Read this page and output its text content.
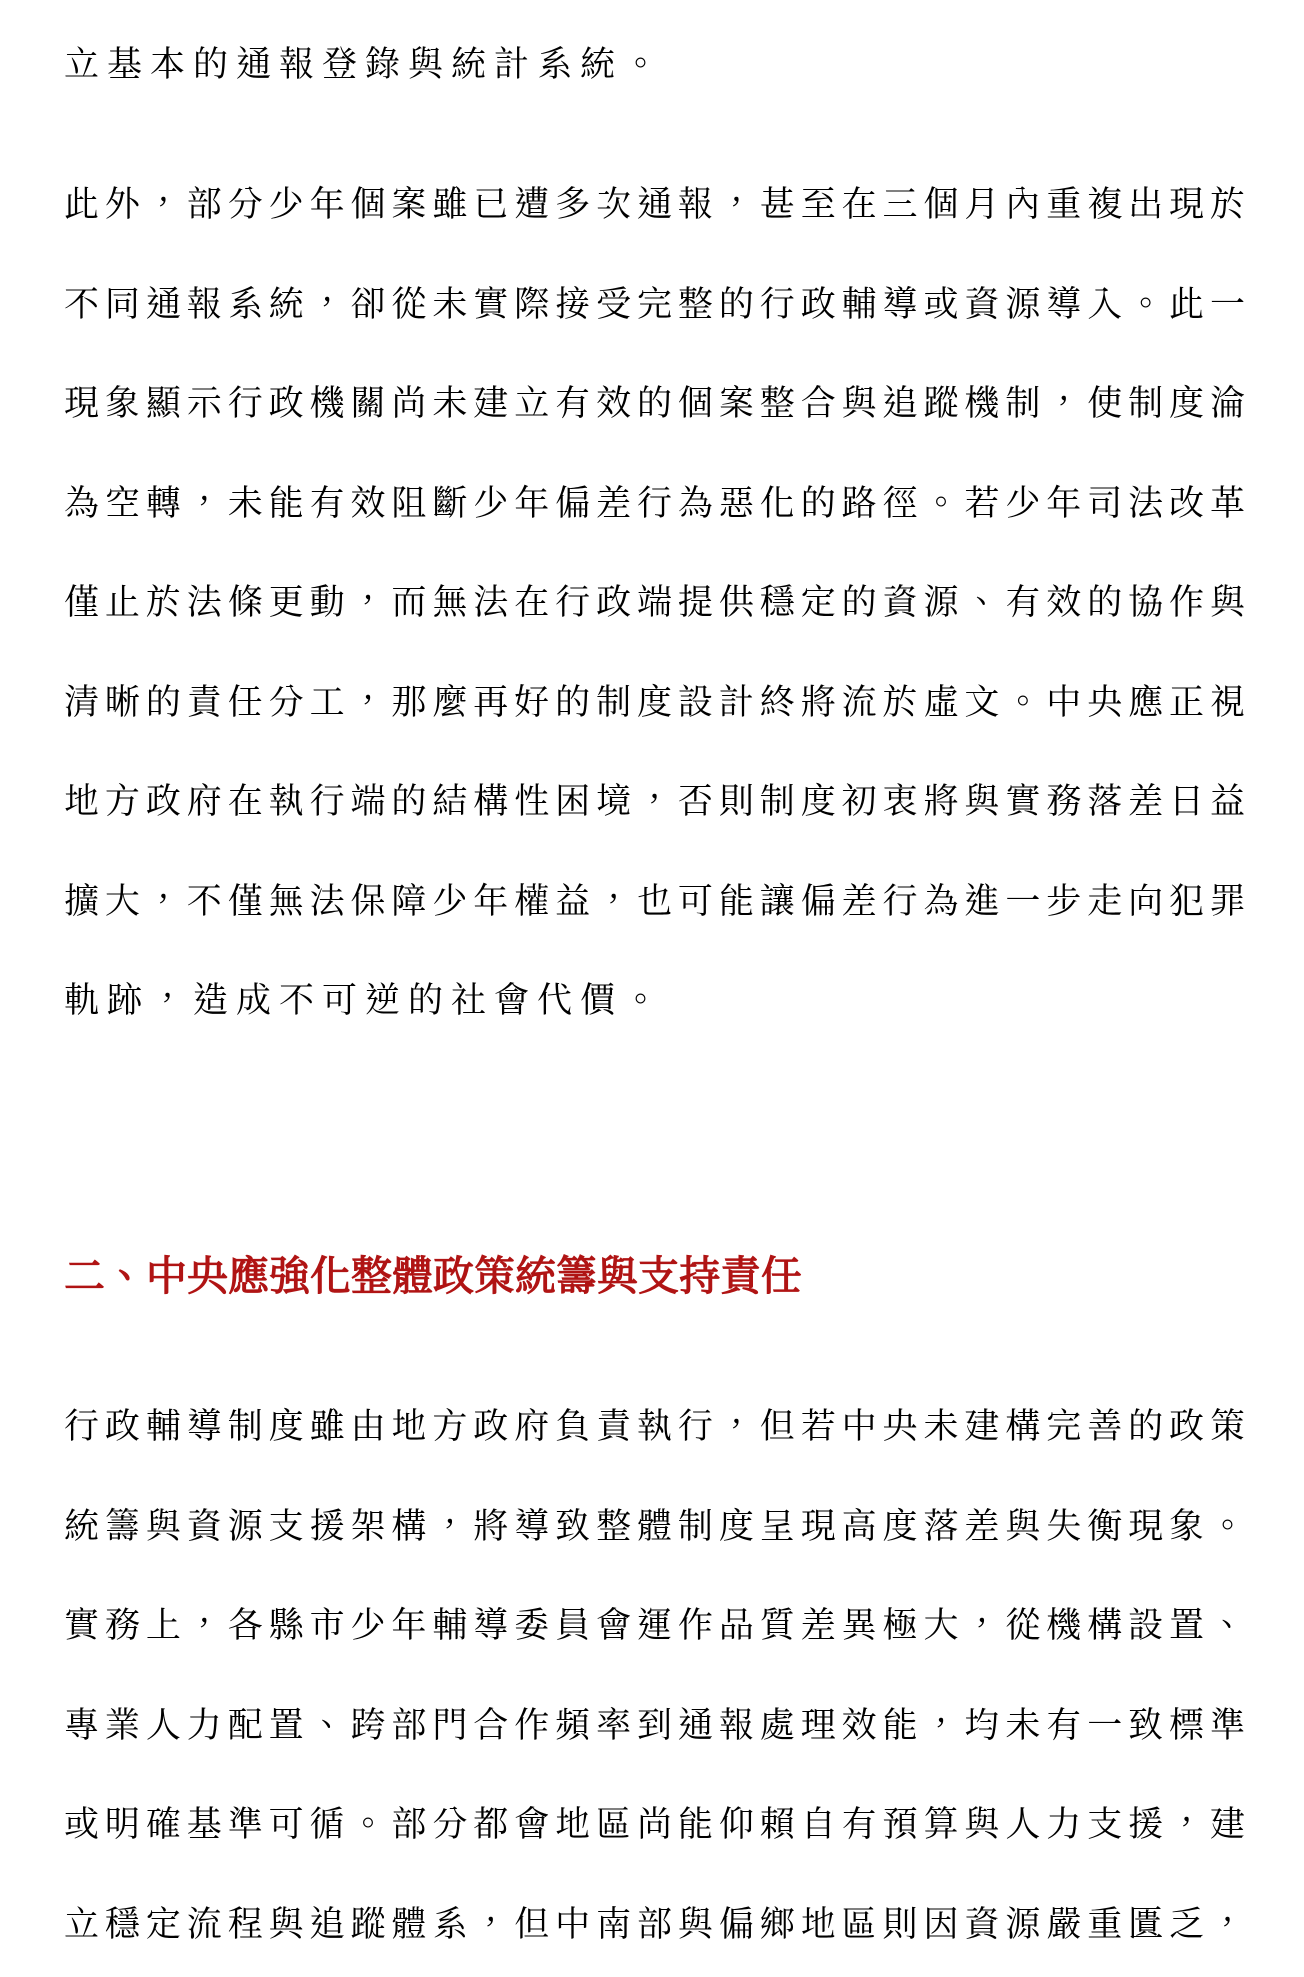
立基本的通報登錄與統計系統。
此外，部分少年個案雖已遭多次通報，甚至在三個月內重複出現於
不同通報系統，卻從未實際接受完整的行政輔導或資源導入。此一
現象顯示行政機關尚未建立有效的個案整合與追蹤機制，使制度淪
為空轉，未能有效阻斷少年偏差行為惡化的路徑。若少年司法改革
僅止於法條更動，而無法在行政端提供穩定的資源、有效的協作與
清晰的責任分工，那麼再好的制度設計終將流於虛文。中央應正視
地方政府在執行端的結構性困境，否則制度初衷將與實務落差日益
擴大，不僅無法保障少年權益，也可能讓偏差行為進一步走向犯罪
軌跡，造成不可逆的社會代價。
二、中央應強化整體政策統籌與支持責任
行政輔導制度雖由地方政府負責執行，但若中央未建構完善的政策
統籌與資源支援架構，將導致整體制度呈現高度落差與失衡現象。
實務上，各縣市少年輔導委員會運作品質差異極大，從機構設置、
專業人力配置、跨部門合作頻率到通報處理效能，均未有一致標準
或明確基準可循。部分都會地區尚能仰賴自有預算與人力支援，建
立穩定流程與追蹤體系，但中南部與偏鄉地區則因資源嚴重匱乏，
